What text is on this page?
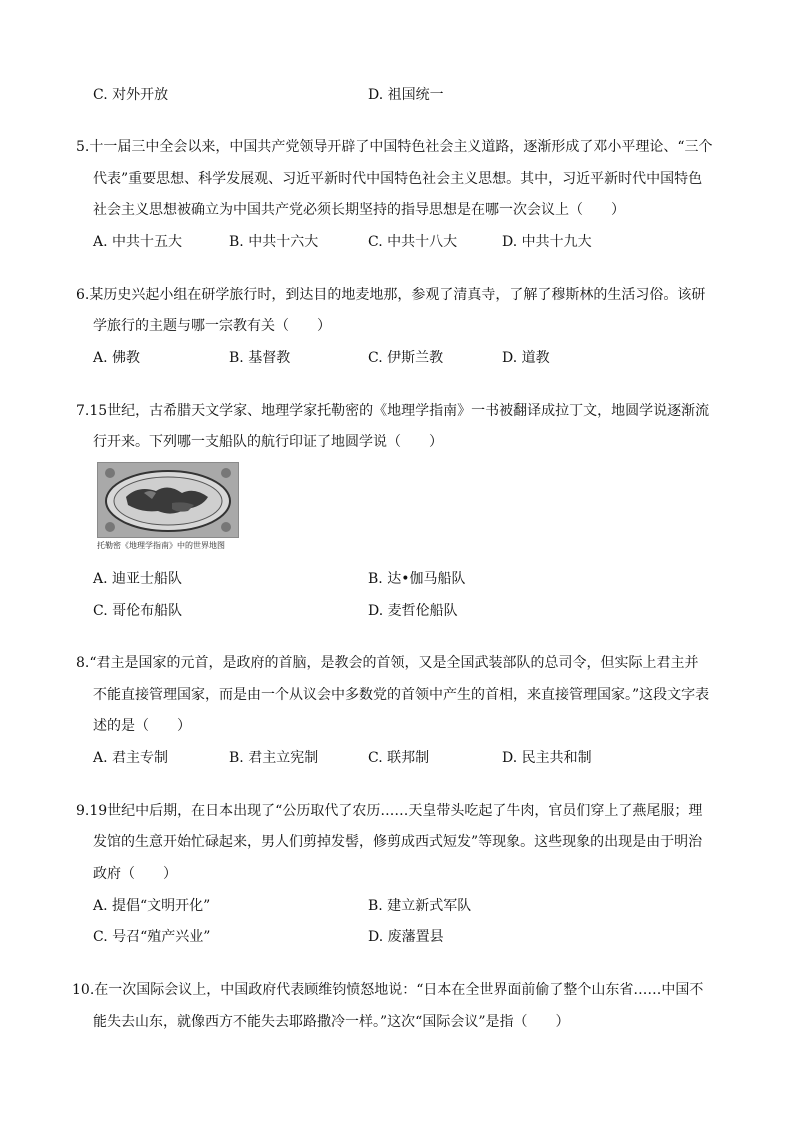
C. 对外开放	D. 祖国统一
5.十一届三中全会以来，中国共产党领导开辟了中国特色社会主义道路，逐渐形成了邓小平理论、“三个
代表”重要思想、科学发展观、习近平新时代中国特色社会主义思想。其中，习近平新时代中国特色
社会主义思想被确立为中国共产党必须长期坚持的指导思想是在哪一次会议上（　　）
A. 中共十五大	B. 中共十六大	C. 中共十八大	D. 中共十九大
6.某历史兴起小组在研学旅行时，到达目的地麦地那，参观了清真寺，了解了穆斯林的生活习俗。该研
学旅行的主题与哪一宗教有关（　　）
A. 佛教	B. 基督教	C. 伊斯兰教	D. 道教
7.15世纪，古希腊天文学家、地理学家托勒密的《地理学指南》一书被翻译成拉丁文，地圆学说逐渐流
行开来。下列哪一支船队的航行印证了地圆学说（　　）
托勒密《地理学指南》中的世界地图
A. 迪亚士船队	B. 达•伽马船队
C. 哥伦布船队	D. 麦哲伦船队
8.“君主是国家的元首，是政府的首脑，是教会的首领，又是全国武装部队的总司令，但实际上君主并
不能直接管理国家，而是由一个从议会中多数党的首领中产生的首相，来直接管理国家。”这段文字表
述的是（　　）
A. 君主专制	B. 君主立宪制	C. 联邦制	D. 民主共和制
9.19世纪中后期，在日本出现了“公历取代了农历……天皇带头吃起了牛肉，官员们穿上了燕尾服；理
发馆的生意开始忙碌起来，男人们剪掉发髻，修剪成西式短发”等现象。这些现象的出现是由于明治
政府（　　）
A. 提倡“文明开化”	B. 建立新式军队
C. 号召“殖产兴业”	D. 废藩置县
10.在一次国际会议上，中国政府代表顾维钧愤怒地说：“日本在全世界面前偷了整个山东省……中国不
能失去山东，就像西方不能失去耶路撒冷一样。”这次“国际会议”是指（　　）
